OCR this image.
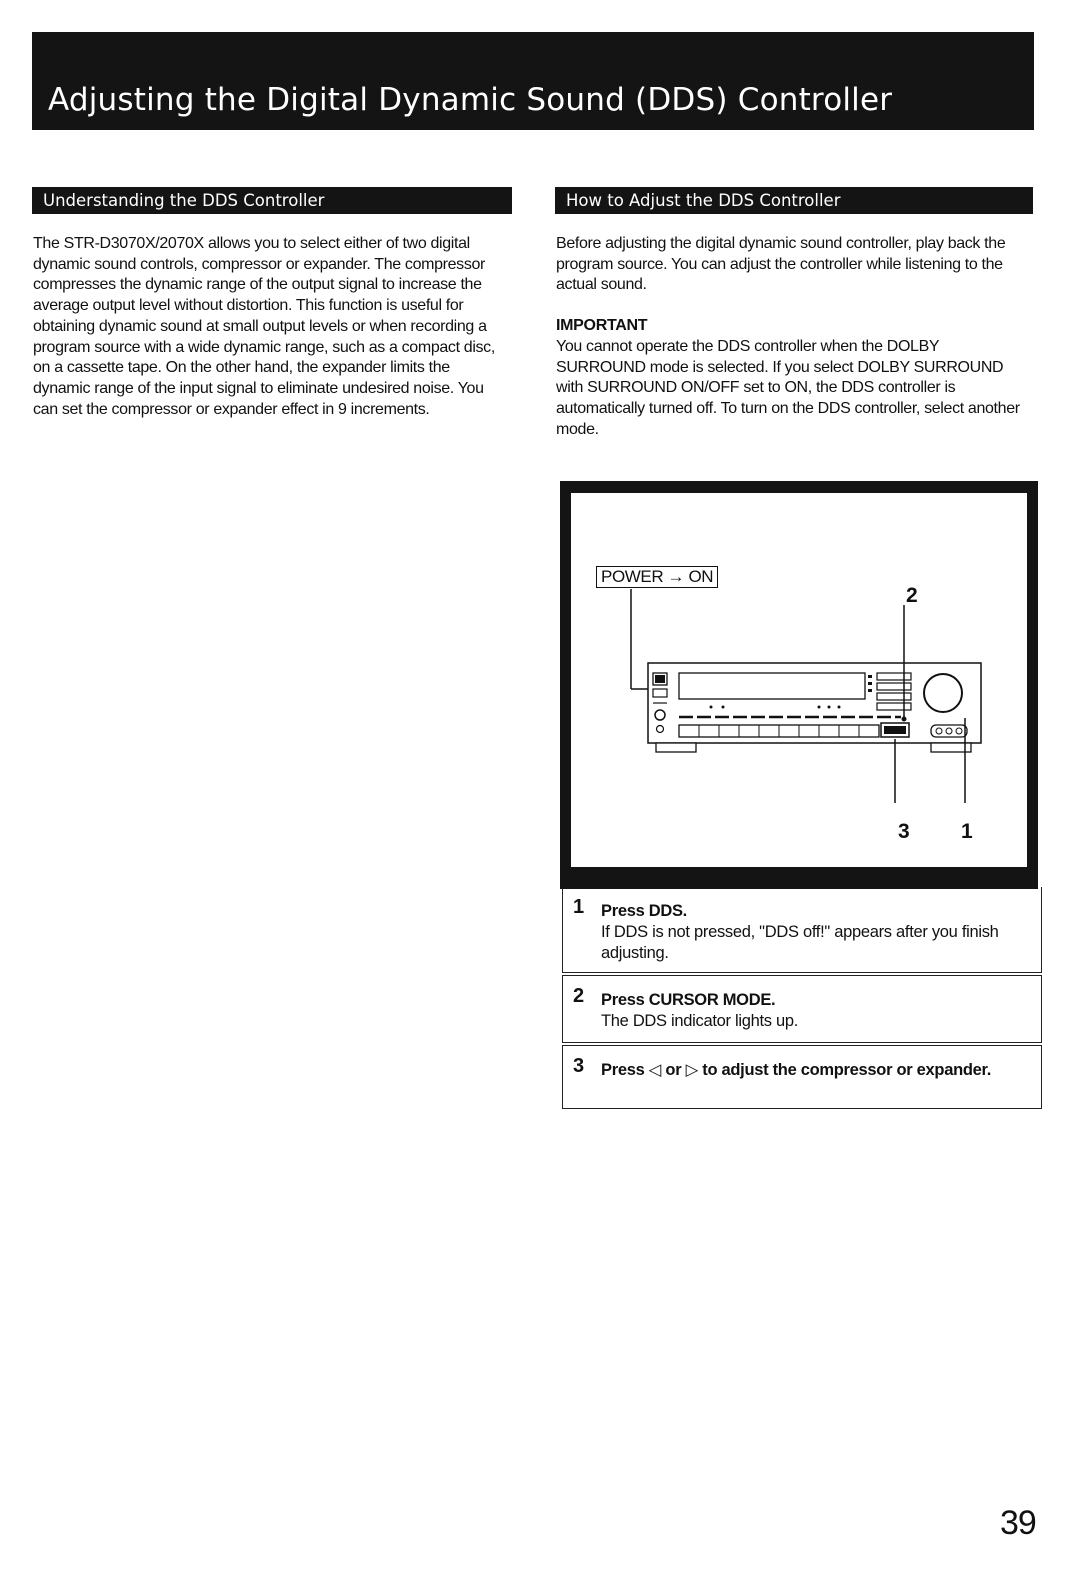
Adjusting the Digital Dynamic Sound (DDS) Controller
Understanding the DDS Controller

The STR-D3070X/2070X allows you to select either of two digital dynamic sound controls, compressor or expander. The compressor compresses the dynamic range of the output signal to increase the average output level without distortion. This function is useful for obtaining dynamic sound at small output levels or when recording a program source with a wide dynamic range, such as a compact disc, on a cassette tape. On the other hand, the expander limits the dynamic range of the input signal to eliminate undesired noise. You can set the compressor or expander effect in 9 increments.

How to Adjust the DDS Controller

Before adjusting the digital dynamic sound controller, play back the program source. You can adjust the controller while listening to the actual sound.

IMPORTANT

You cannot operate the DDS controller when the DOLBY SURROUND mode is selected. If you select DOLBY SURROUND with SURROUND ON/OFF set to ON, the DDS controller is automatically turned off. To turn on the DDS controller, select another mode.

POWER → ON
2
3 1
1 Press DDS.
If DDS is not pressed, "DDS off!" appears after you finish adjusting.
2 Press CURSOR MODE.
The DDS indicator lights up.
3 Press ◁ or ▷ to adjust the compressor or expander.
39
